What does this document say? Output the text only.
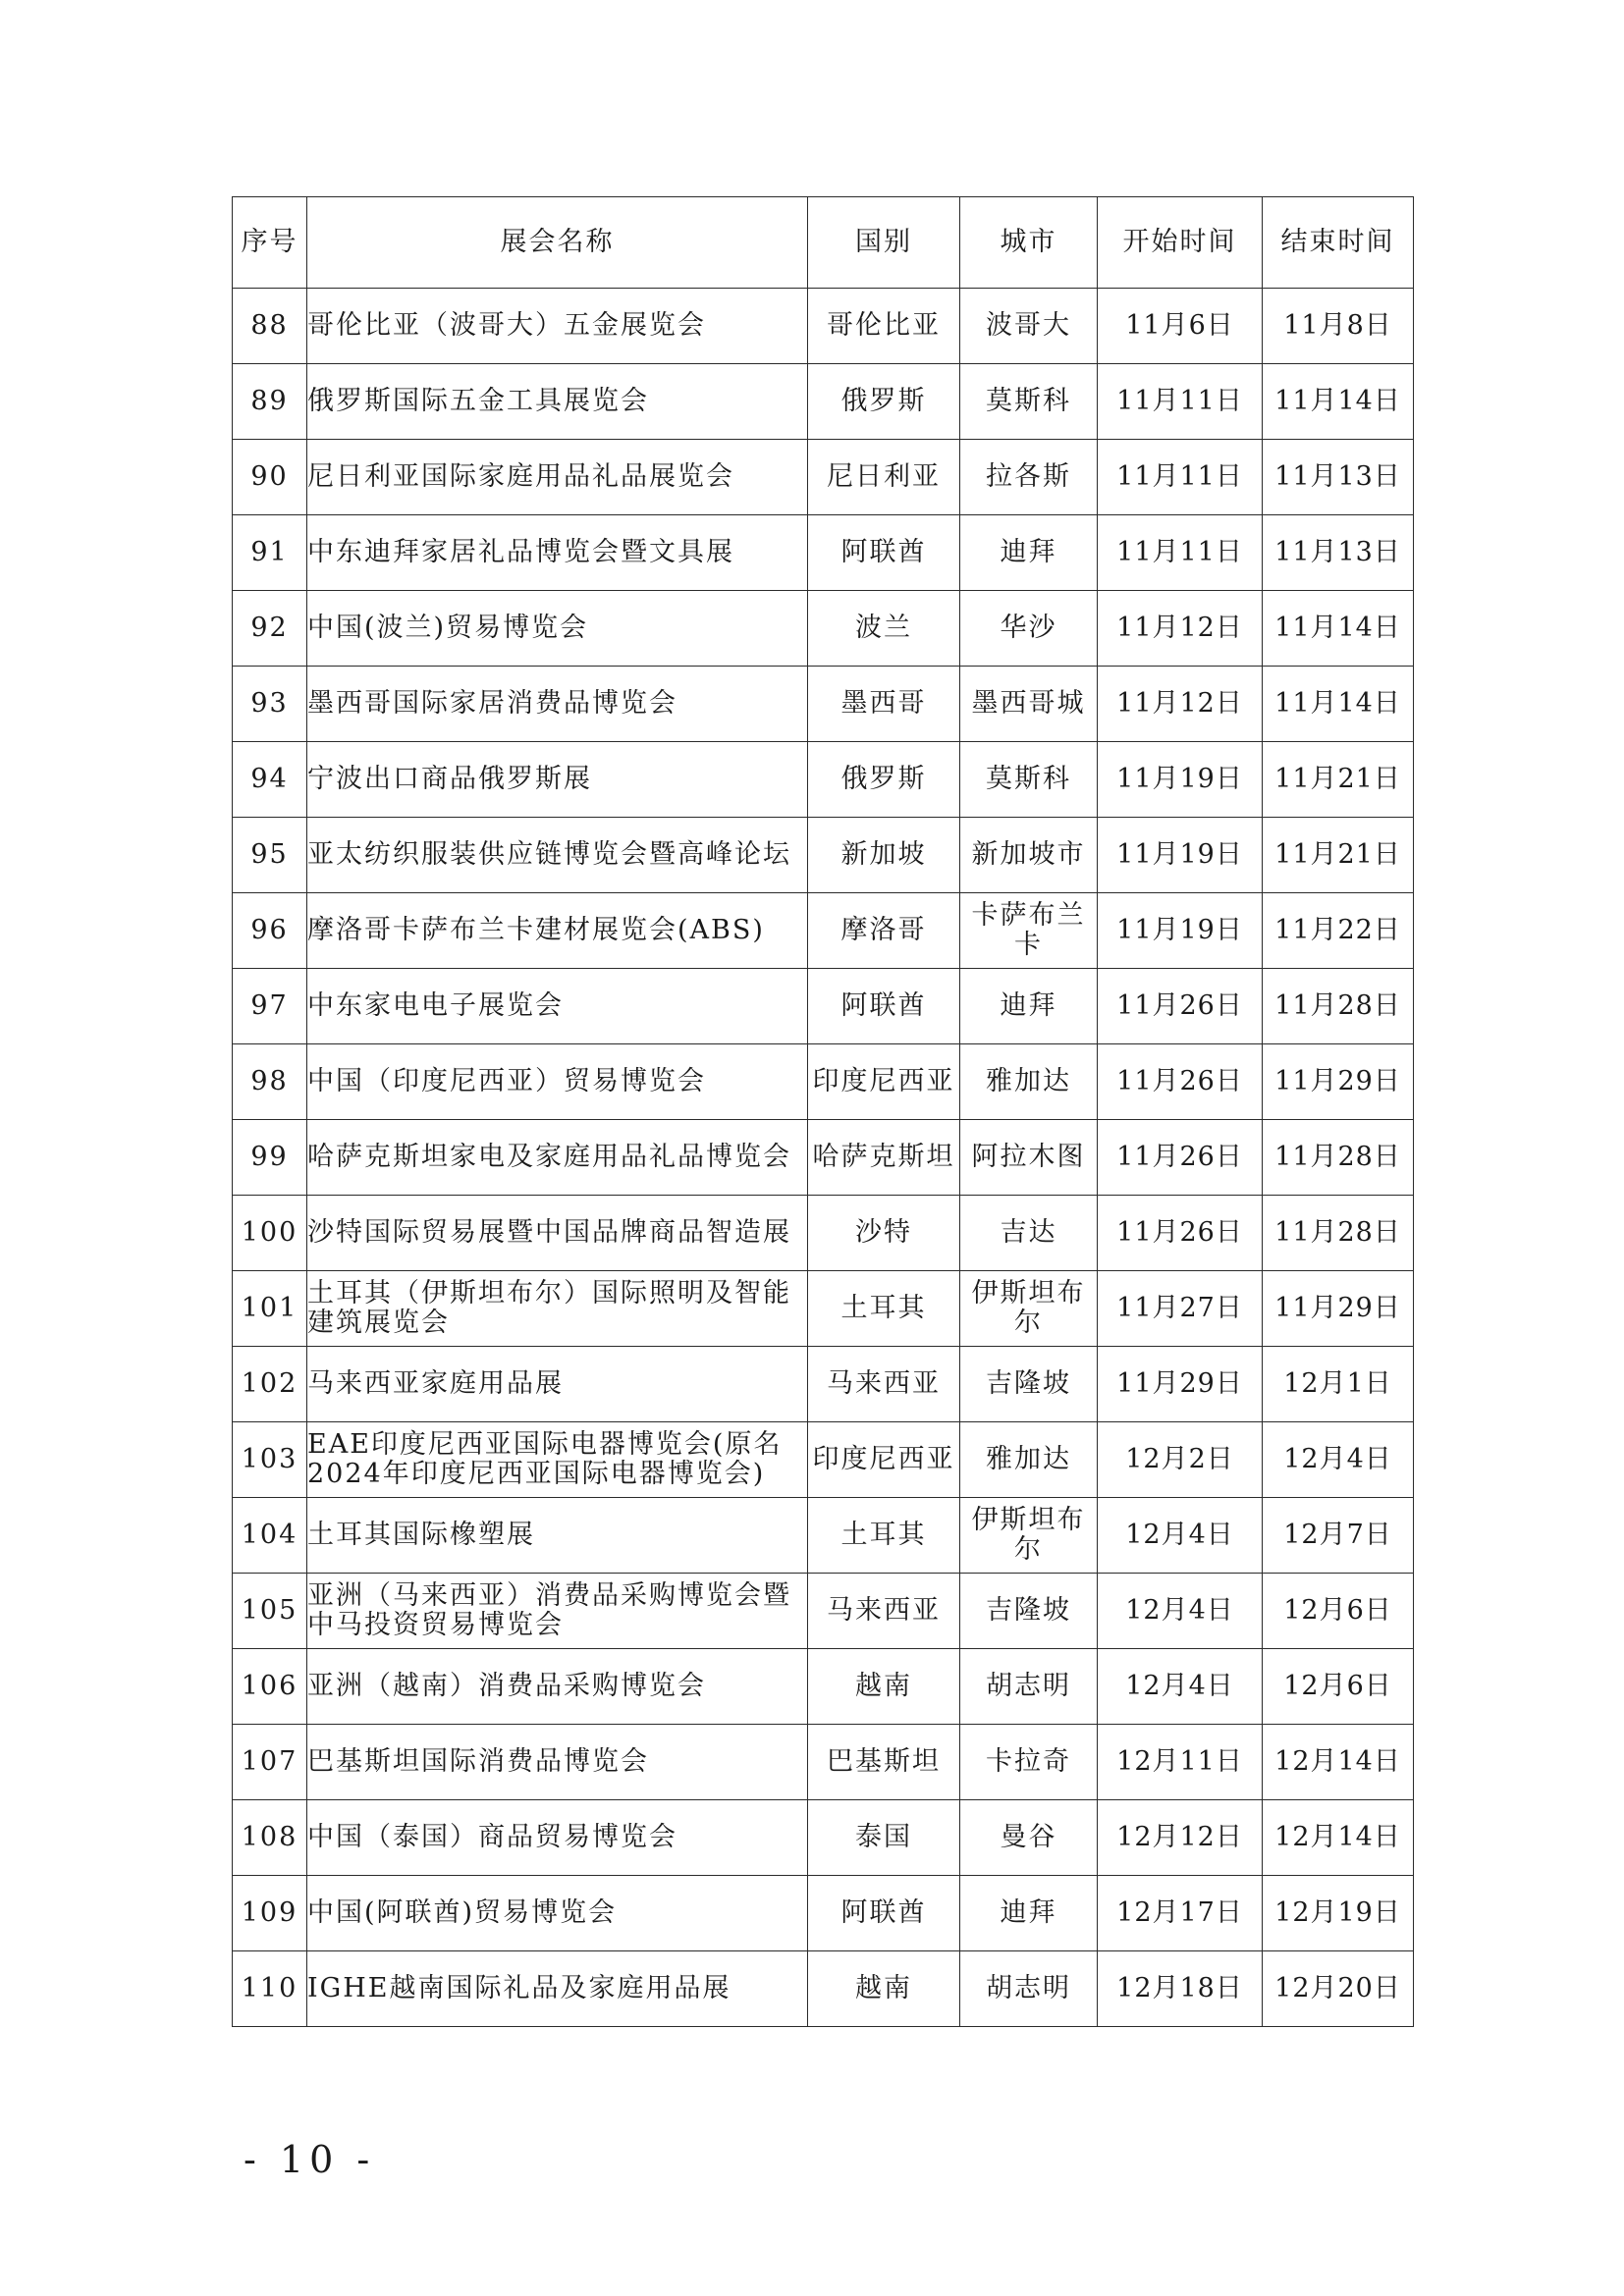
序号	展会名称	国别	城市	开始时间	结束时间
88	哥伦比亚（波哥大）五金展览会	哥伦比亚	波哥大	11月6日	11月8日
89	俄罗斯国际五金工具展览会	俄罗斯	莫斯科	11月11日	11月14日
90	尼日利亚国际家庭用品礼品展览会	尼日利亚	拉各斯	11月11日	11月13日
91	中东迪拜家居礼品博览会暨文具展	阿联酋	迪拜	11月11日	11月13日
92	中国(波兰)贸易博览会	波兰	华沙	11月12日	11月14日
93	墨西哥国际家居消费品博览会	墨西哥	墨西哥城	11月12日	11月14日
94	宁波出口商品俄罗斯展	俄罗斯	莫斯科	11月19日	11月21日
95	亚太纺织服装供应链博览会暨高峰论坛	新加坡	新加坡市	11月19日	11月21日
96	摩洛哥卡萨布兰卡建材展览会(ABS)	摩洛哥	卡萨布兰卡	11月19日	11月22日
97	中东家电电子展览会	阿联酋	迪拜	11月26日	11月28日
98	中国（印度尼西亚）贸易博览会	印度尼西亚	雅加达	11月26日	11月29日
99	哈萨克斯坦家电及家庭用品礼品博览会	哈萨克斯坦	阿拉木图	11月26日	11月28日
100	沙特国际贸易展暨中国品牌商品智造展	沙特	吉达	11月26日	11月28日
101	土耳其（伊斯坦布尔）国际照明及智能建筑展览会	土耳其	伊斯坦布尔	11月27日	11月29日
102	马来西亚家庭用品展	马来西亚	吉隆坡	11月29日	12月1日
103	EAE印度尼西亚国际电器博览会(原名2024年印度尼西亚国际电器博览会)	印度尼西亚	雅加达	12月2日	12月4日
104	土耳其国际橡塑展	土耳其	伊斯坦布尔	12月4日	12月7日
105	亚洲（马来西亚）消费品采购博览会暨中马投资贸易博览会	马来西亚	吉隆坡	12月4日	12月6日
106	亚洲（越南）消费品采购博览会	越南	胡志明	12月4日	12月6日
107	巴基斯坦国际消费品博览会	巴基斯坦	卡拉奇	12月11日	12月14日
108	中国（泰国）商品贸易博览会	泰国	曼谷	12月12日	12月14日
109	中国(阿联酋)贸易博览会	阿联酋	迪拜	12月17日	12月19日
110	IGHE越南国际礼品及家庭用品展	越南	胡志明	12月18日	12月20日
- 10 -
